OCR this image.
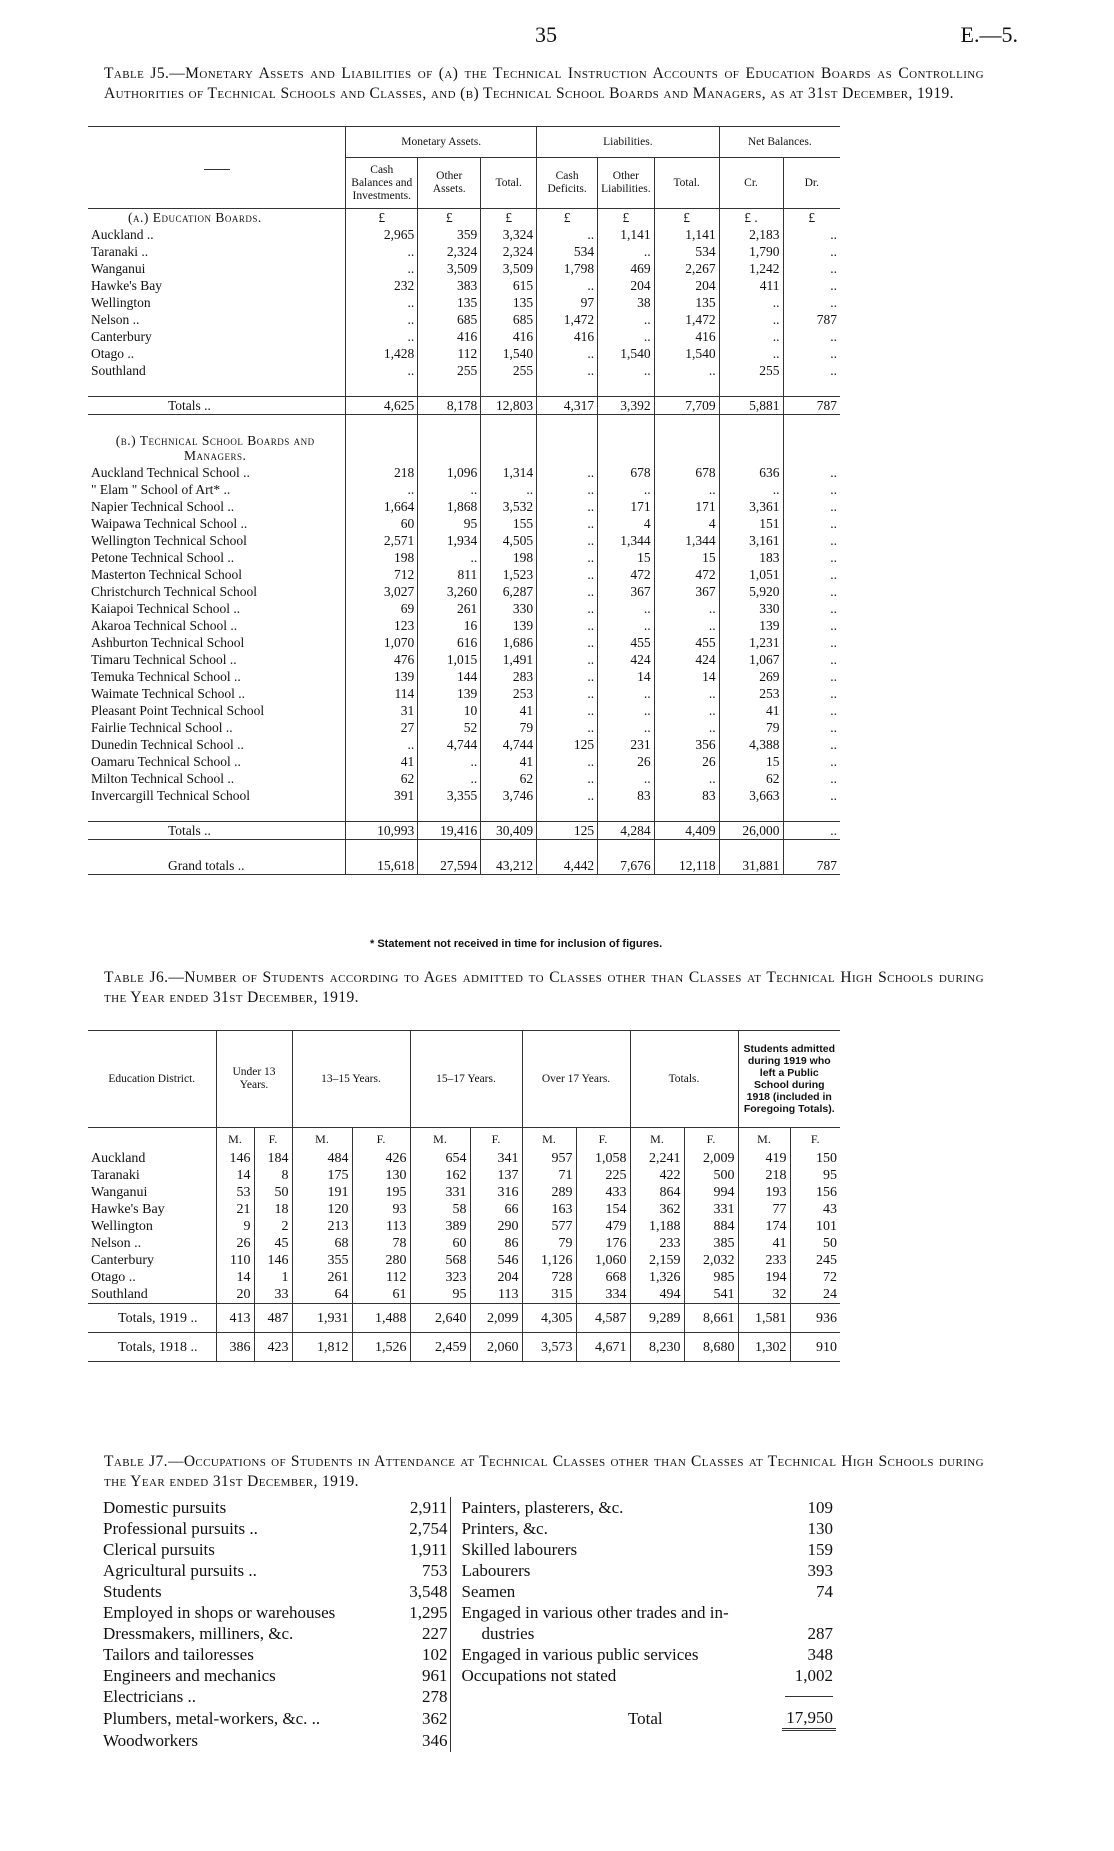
35	E.—5.
Table J5.—Monetary Assets and Liabilities of (a) the Technical Instruction Accounts of Education Boards as Controlling Authorities of Technical Schools and Classes, and (b) Technical School Boards and Managers, as at 31st December, 1919.
	Monetary Assets.			Liabilities.			Net Balances.	
	Cash Balances and Investments.	Other Assets.	Total.	Cash Deficits.	Other Liabilities.	Total.	Cr.	Dr.
(a.) Education Boards.	£	£	£	£	£	£	£ .	£
Auckland ..	2,965	359	3,324	..	1,141	1,141	2,183	..
Taranaki ..	..	2,324	2,324	534	..	534	1,790	..
Wanganui	..	3,509	3,509	1,798	469	2,267	1,242	..
Hawke's Bay	232	383	615	..	204	204	411	..
Wellington	..	135	135	97	38	135	..	..
Nelson ..	..	685	685	1,472	..	1,472	..	787
Canterbury	..	416	416	416	..	416	..	..
Otago ..	1,428	112	1,540	..	1,540	1,540	..	..
Southland	..	255	255	..	..	..	255	..

Totals ..	4,625	8,178	12,803	4,317	3,392	7,709	5,881	787

(b.) Technical School Boards and Managers.								
Auckland Technical School ..	218	1,096	1,314	..	678	678	636	..
" Elam " School of Art* ..	..	..	..	..	..	..	..	..
Napier Technical School ..	1,664	1,868	3,532	..	171	171	3,361	..
Waipawa Technical School ..	60	95	155	..	4	4	151	..
Wellington Technical School	2,571	1,934	4,505	..	1,344	1,344	3,161	..
Petone Technical School ..	198	..	198	..	15	15	183	..
Masterton Technical School	712	811	1,523	..	472	472	1,051	..
Christchurch Technical School	3,027	3,260	6,287	..	367	367	5,920	..
Kaiapoi Technical School ..	69	261	330	..	..	..	330	..
Akaroa Technical School ..	123	16	139	..	..	..	139	..
Ashburton Technical School	1,070	616	1,686	..	455	455	1,231	..
Timaru Technical School ..	476	1,015	1,491	..	424	424	1,067	..
Temuka Technical School ..	139	144	283	..	14	14	269	..
Waimate Technical School ..	114	139	253	..	..	..	253	..
Pleasant Point Technical School	31	10	41	..	..	..	41	..
Fairlie Technical School ..	27	52	79	..	..	..	79	..
Dunedin Technical School ..	..	4,744	4,744	125	231	356	4,388	..
Oamaru Technical School ..	41	..	41	..	26	26	15	..
Milton Technical School ..	62	..	62	..	..	..	62	..
Invercargill Technical School	391	3,355	3,746	..	83	83	3,663	..

Totals ..	10,993	19,416	30,409	125	4,284	4,409	26,000	..

Grand totals ..	15,618	27,594	43,212	4,442	7,676	12,118	31,881	787
* Statement not received in time for inclusion of figures.
Table J6.—Number of Students according to Ages admitted to Classes other than Classes at Technical High Schools during the Year ended 31st December, 1919.
Education District.	Under 13 Years.		13–15 Years.		15–17 Years.		Over 17 Years.		Totals.		Students admitted during 1919 who left a Public School during 1918 (included in Foregoing Totals).	
	M.	F.	M.	F.	M.	F.	M.	F.	M.	F.	M.	F.
Auckland	146	184	484	426	654	341	957	1,058	2,241	2,009	419	150
Taranaki	14	8	175	130	162	137	71	225	422	500	218	95
Wanganui	53	50	191	195	331	316	289	433	864	994	193	156
Hawke's Bay	21	18	120	93	58	66	163	154	362	331	77	43
Wellington	9	2	213	113	389	290	577	479	1,188	884	174	101
Nelson ..	26	45	68	78	60	86	79	176	233	385	41	50
Canterbury	110	146	355	280	568	546	1,126	1,060	2,159	2,032	233	245
Otago ..	14	1	261	112	323	204	728	668	1,326	985	194	72
Southland	20	33	64	61	95	113	315	334	494	541	32	24
Totals, 1919 ..	413	487	1,931	1,488	2,640	2,099	4,305	4,587	9,289	8,661	1,581	936
Totals, 1918 ..	386	423	1,812	1,526	2,459	2,060	3,573	4,671	8,230	8,680	1,302	910
Table J7.—Occupations of Students in Attendance at Technical Classes other than Classes at Technical High Schools during the Year ended 31st December, 1919.
Domestic pursuits	2,911	Painters, plasterers, &c.	109
Professional pursuits ..	2,754	Printers, &c.	130
Clerical pursuits	1,911	Skilled labourers	159
Agricultural pursuits ..	753	Labourers	393
Students	3,548	Seamen	74
Employed in shops or warehouses	1,295	Engaged in various other trades and in-	
Dressmakers, milliners, &c.	227	dustries	287
Tailors and tailoresses	102	Engaged in various public services	348
Engineers and mechanics	961	Occupations not stated	1,002
Electricians ..	278		

Plumbers, metal-workers, &c. ..	362	Total	17,950
Woodworkers	346		
